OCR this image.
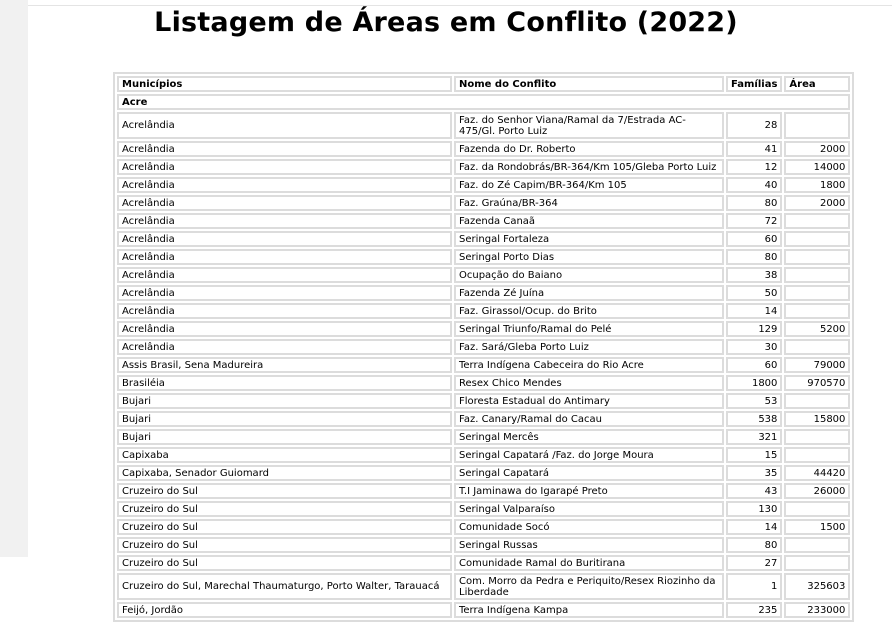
Listagem de Áreas em Conflito (2022)
Municípios	Nome do Conflito	Famílias	Área
Acre			
Acrelândia	Faz. do Senhor Viana/Ramal da 7/Estrada AC-475/Gl. Porto Luiz	28	
Acrelândia	Fazenda do Dr. Roberto	41	2000
Acrelândia	Faz. da Rondobrás/BR-364/Km 105/Gleba Porto Luiz	12	14000
Acrelândia	Faz. do Zé Capim/BR-364/Km 105	40	1800
Acrelândia	Faz. Graúna/BR-364	80	2000
Acrelândia	Fazenda Canaã	72	
Acrelândia	Seringal Fortaleza	60	
Acrelândia	Seringal Porto Dias	80	
Acrelândia	Ocupação do Baiano	38	
Acrelândia	Fazenda Zé Juína	50	
Acrelândia	Faz. Girassol/Ocup. do Brito	14	
Acrelândia	Seringal Triunfo/Ramal do Pelé	129	5200
Acrelândia	Faz. Sará/Gleba Porto Luiz	30	
Assis Brasil, Sena Madureira	Terra Indígena Cabeceira do Rio Acre	60	79000
Brasiléia	Resex Chico Mendes	1800	970570
Bujari	Floresta Estadual do Antimary	53	
Bujari	Faz. Canary/Ramal do Cacau	538	15800
Bujari	Seringal Mercês	321	
Capixaba	Seringal Capatará /Faz. do Jorge Moura	15	
Capixaba, Senador Guiomard	Seringal Capatará	35	44420
Cruzeiro do Sul	T.I Jaminawa do Igarapé Preto	43	26000
Cruzeiro do Sul	Seringal Valparaíso	130	
Cruzeiro do Sul	Comunidade Socó	14	1500
Cruzeiro do Sul	Seringal Russas	80	
Cruzeiro do Sul	Comunidade Ramal do Buritirana	27	
Cruzeiro do Sul, Marechal Thaumaturgo, Porto Walter, Tarauacá	Com. Morro da Pedra e Periquito/Resex Riozinho da Liberdade	1	325603
Feijó, Jordão	Terra Indígena Kampa	235	233000
